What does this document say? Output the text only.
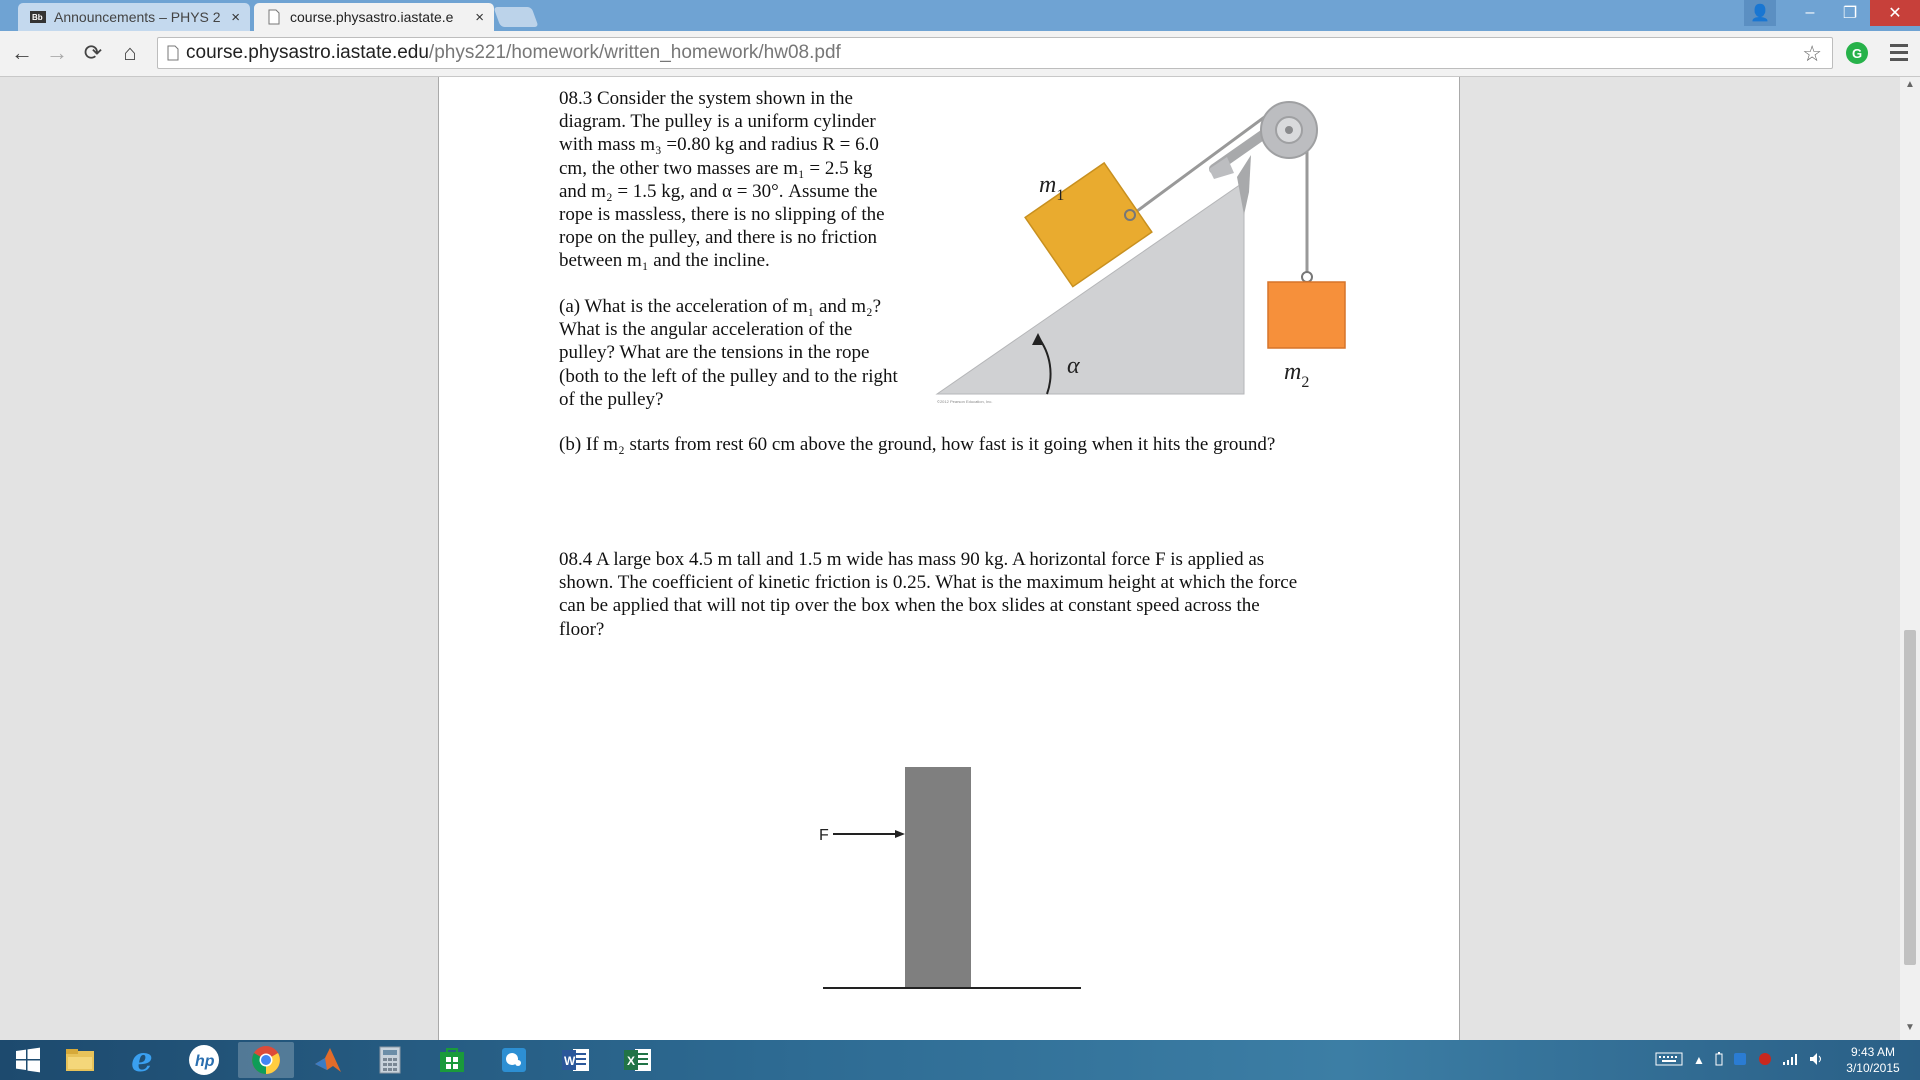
Bb Announcements – PHYS 2 ×	course.physastro.iastate.e	×	👤	–	❐	✕
← → ⟳ ⌂	course.physastro.iastate.edu/phys221/homework/written_homework/hw08.pdf	☆	G

08.3 Consider the system shown in the
diagram. The pulley is a uniform cylinder
with mass m₃ =0.80 kg and radius R = 6.0
cm, the other two masses are m₁ = 2.5 kg
and m₂ = 1.5 kg, and α = 30°. Assume the
rope is massless, there is no slipping of the
rope on the pulley, and there is no friction
between m₁ and the incline.

(a) What is the acceleration of m₁ and m₂?
What is the angular acceleration of the
pulley? What are the tensions in the rope
(both to the left of the pulley and to the right
of the pulley?

(b) If m₂ starts from rest 60 cm above the ground, how fast is it going when it hits the ground?

$m_1$
$m_2$
α
©2012 Pearson Education, Inc.

08.4 A large box 4.5 m tall and 1.5 m wide has mass 90 kg. A horizontal force F is applied as
shown. The coefficient of kinetic friction is 0.25. What is the maximum height at which the force
can be applied that will not tip over the box when the box slides at constant speed across the
floor?

F
▲
▼
e	hp	W	X	▲
9:43 AM
3/10/2015
